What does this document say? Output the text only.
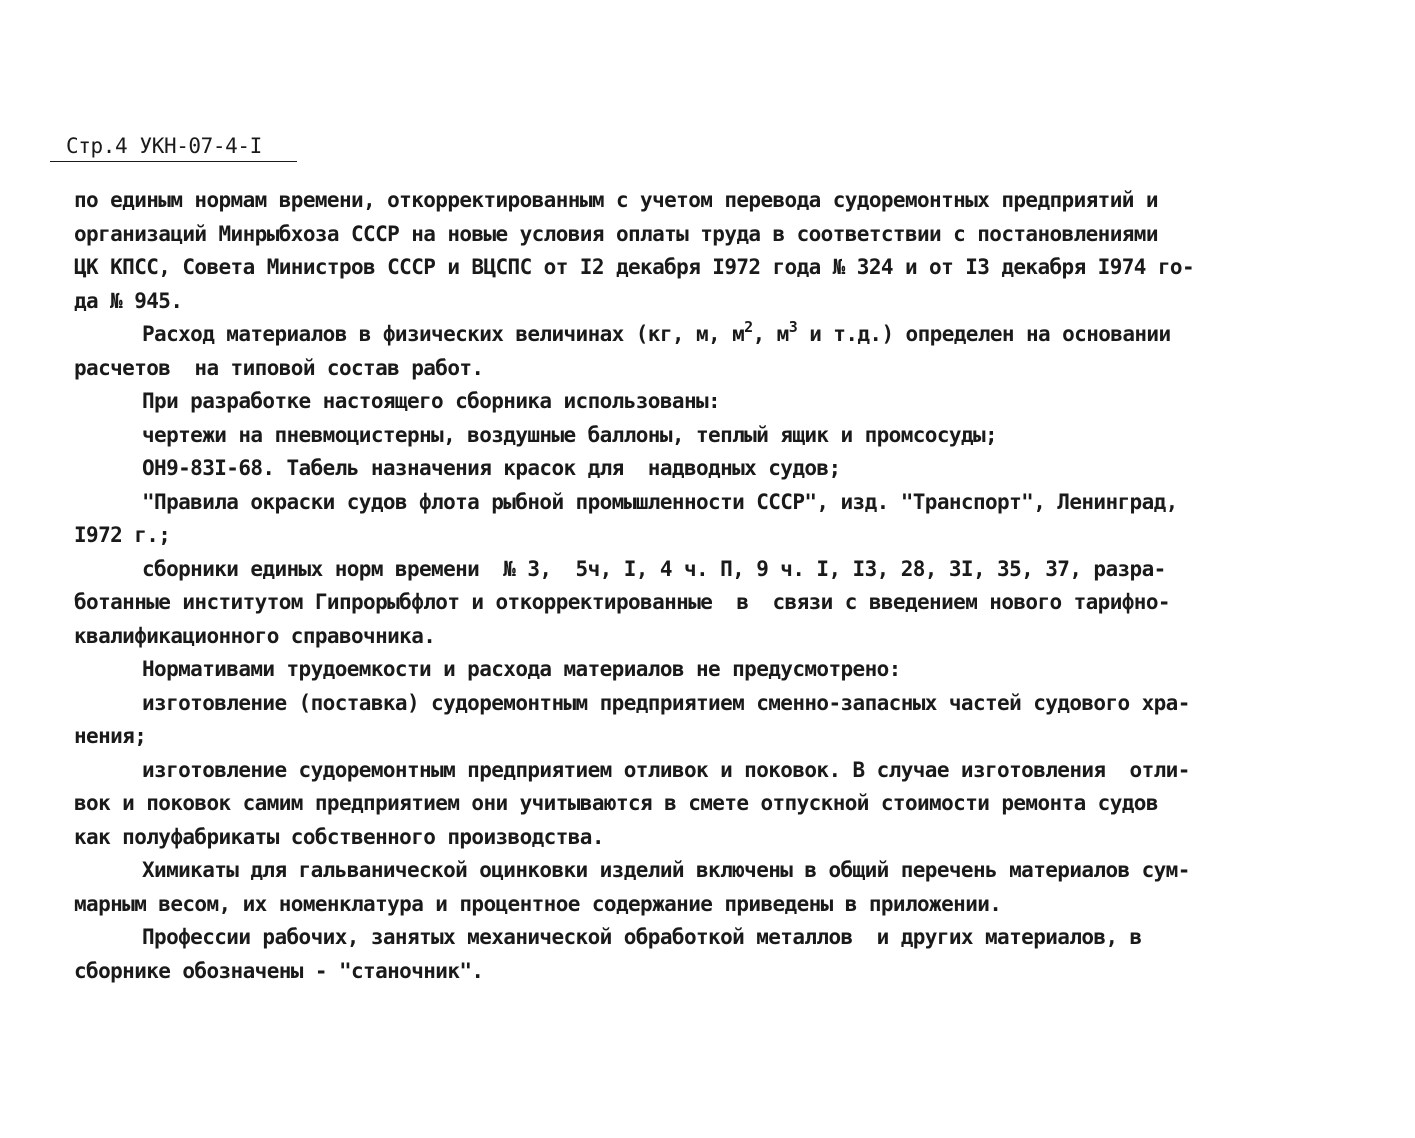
Стр.4 УКН-07-4-I
по единым нормам времени, откорректированным с учетом перевода судоремонтных предприятий и
организаций Минрыбхоза СССР на новые условия оплаты труда в соответствии с постановлениями
ЦК КПСС, Совета Министров СССР и ВЦСПС от I2 декабря I972 года № 324 и от I3 декабря I974 го-
да № 945.
Расход материалов в физических величинах (кг, м, $м^2$, $м^3$ и т.д.) определен на основании
расчетов  на типовой состав работ.
При разработке настоящего сборника использованы:
чертежи на пневмоцистерны, воздушные баллоны, теплый ящик и промсосуды;
ОН9-83I-68. Табель назначения красок для  надводных судов;
"Правила окраски судов флота рыбной промышленности СССР", изд. "Транспорт", Ленинград,
I972 г.;
сборники единых норм времени  № 3,  5ч, I, 4 ч. П, 9 ч. I, I3, 28, 3I, 35, 37, разра-
ботанные институтом Гипрорыбфлот и откорректированные  в  связи с введением нового тарифно-
квалификационного справочника.
Нормативами трудоемкости и расхода материалов не предусмотрено:
изготовление (поставка) судоремонтным предприятием сменно-запасных частей судового хра-
нения;
изготовление судоремонтным предприятием отливок и поковок. В случае изготовления  отли-
вок и поковок самим предприятием они учитываются в смете отпускной стоимости ремонта судов
как полуфабрикаты собственного производства.
Химикаты для гальванической оцинковки изделий включены в общий перечень материалов сум-
марным весом, их номенклатура и процентное содержание приведены в приложении.
Профессии рабочих, занятых механической обработкой металлов  и других материалов, в
сборнике обозначены - "станочник".
